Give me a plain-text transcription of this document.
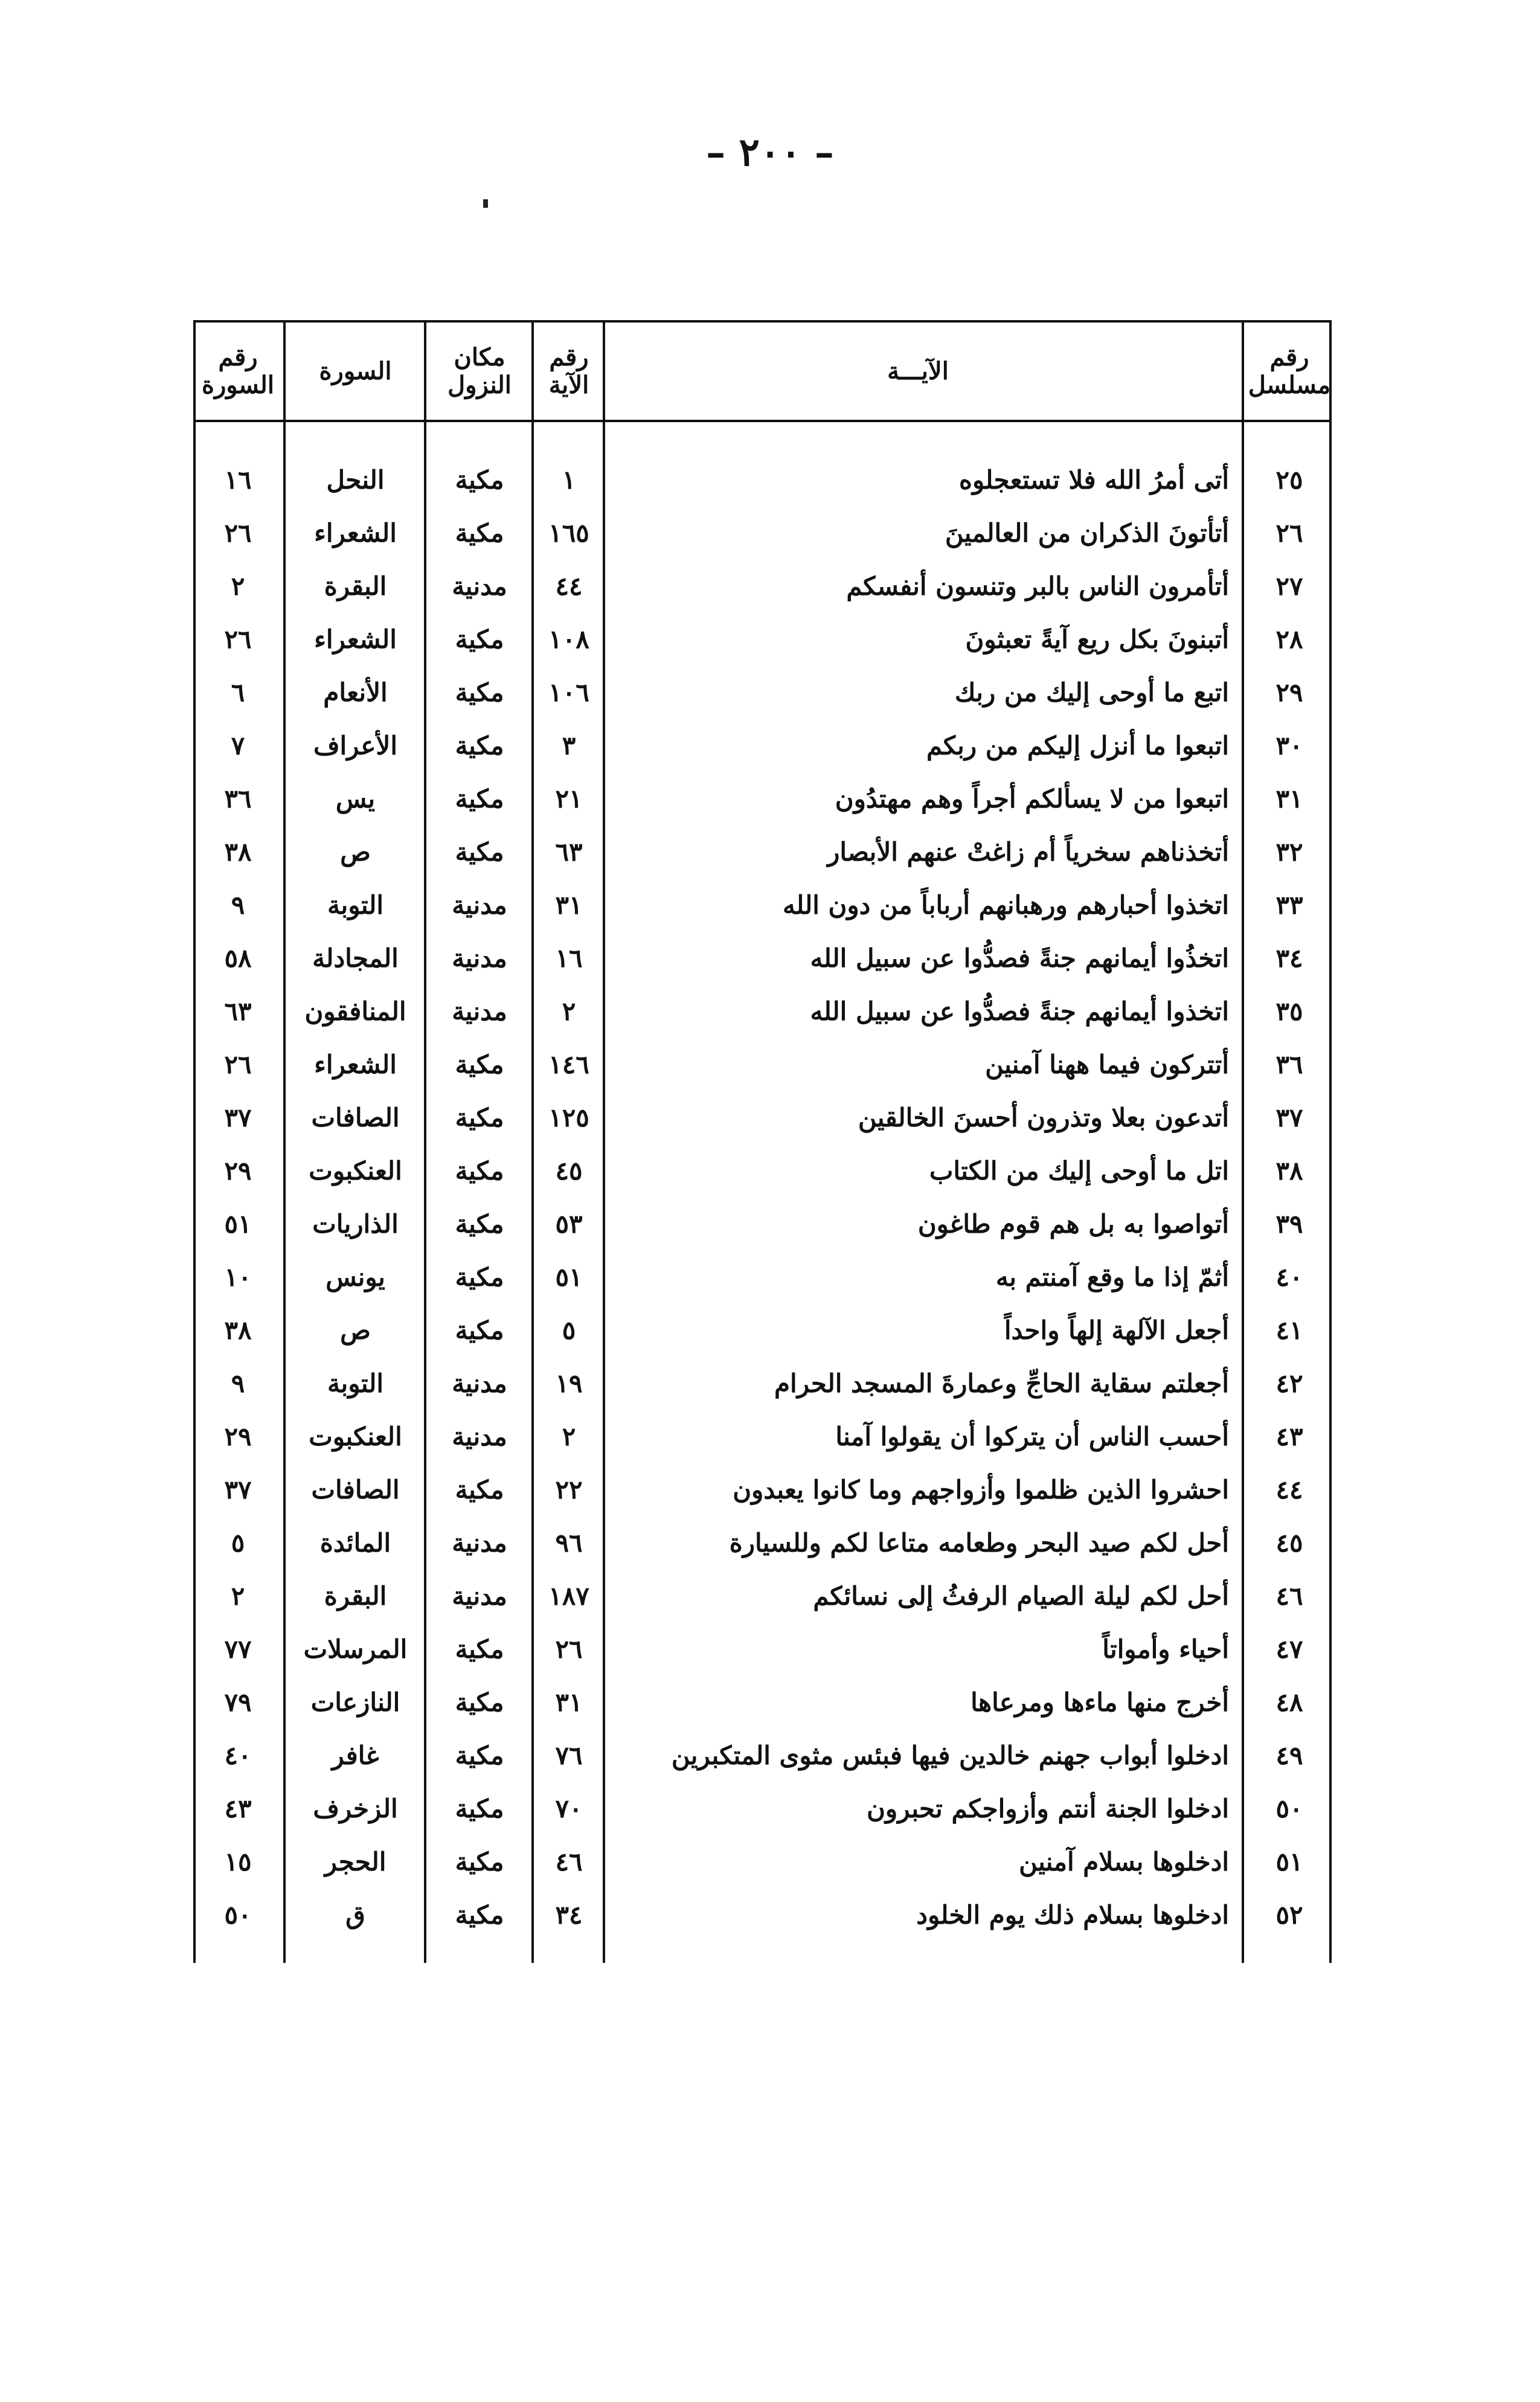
– ٢٠٠ –
رقم مسلسل
الآيـــة
رقم الآية
مكان النزول
السورة
رقم السورة
٢٥
أتى أمرُ الله فلا تستعجلوه
١
مكية
النحل
١٦
٢٦
أتأتونَ الذكران من العالمينَ
١٦٥
مكية
الشعراء
٢٦
٢٧
أتأمرون الناس بالبر وتنسون أنفسكم
٤٤
مدنية
البقرة
٢
٢٨
أتبنونَ بكل ريع آيةً تعبثونَ
١٠٨
مكية
الشعراء
٢٦
٢٩
اتبع ما أوحى إليك من ربك
١٠٦
مكية
الأنعام
٦
٣٠
اتبعوا ما أنزل إليكم من ربكم
٣
مكية
الأعراف
٧
٣١
اتبعوا من لا يسألكم أجراً وهم مهتدُون
٢١
مكية
يس
٣٦
٣٢
أتخذناهم سخرياً أم زاغتْ عنهم الأبصار
٦٣
مكية
ص
٣٨
٣٣
اتخذوا أحبارهم ورهبانهم أرباباً من دون الله
٣١
مدنية
التوبة
٩
٣٤
اتخذُوا أيمانهم جنةً فصدُّوا عن سبيل الله
١٦
مدنية
المجادلة
٥٨
٣٥
اتخذوا أيمانهم جنةً فصدُّوا عن سبيل الله
٢
مدنية
المنافقون
٦٣
٣٦
أتتركون فيما ههنا آمنين
١٤٦
مكية
الشعراء
٢٦
٣٧
أتدعون بعلا وتذرون أحسنَ الخالقين
١٢٥
مكية
الصافات
٣٧
٣٨
اتل ما أوحى إليك من الكتاب
٤٥
مكية
العنكبوت
٢٩
٣٩
أتواصوا به بل هم قوم طاغون
٥٣
مكية
الذاريات
٥١
٤٠
أثمّ إذا ما وقع آمنتم به
٥١
مكية
يونس
١٠
٤١
أجعل الآلهة إلهاً واحداً
٥
مكية
ص
٣٨
٤٢
أجعلتم سقاية الحاجِّ وعمارةَ المسجد الحرام
١٩
مدنية
التوبة
٩
٤٣
أحسب الناس أن يتركوا أن يقولوا آمنا
٢
مدنية
العنكبوت
٢٩
٤٤
احشروا الذين ظلموا وأزواجهم وما كانوا يعبدون
٢٢
مكية
الصافات
٣٧
٤٥
أحل لكم صيد البحر وطعامه متاعا لكم وللسيارة
٩٦
مدنية
المائدة
٥
٤٦
أحل لكم ليلة الصيام الرفثُ إلى نسائكم
١٨٧
مدنية
البقرة
٢
٤٧
أحياء وأمواتاً
٢٦
مكية
المرسلات
٧٧
٤٨
أخرج منها ماءها ومرعاها
٣١
مكية
النازعات
٧٩
٤٩
ادخلوا أبواب جهنم خالدين فيها فبئس مثوى المتكبرين
٧٦
مكية
غافر
٤٠
٥٠
ادخلوا الجنة أنتم وأزواجكم تحبرون
٧٠
مكية
الزخرف
٤٣
٥١
ادخلوها بسلام آمنين
٤٦
مكية
الحجر
١٥
٥٢
ادخلوها بسلام ذلك يوم الخلود
٣٤
مكية
ق
٥٠
